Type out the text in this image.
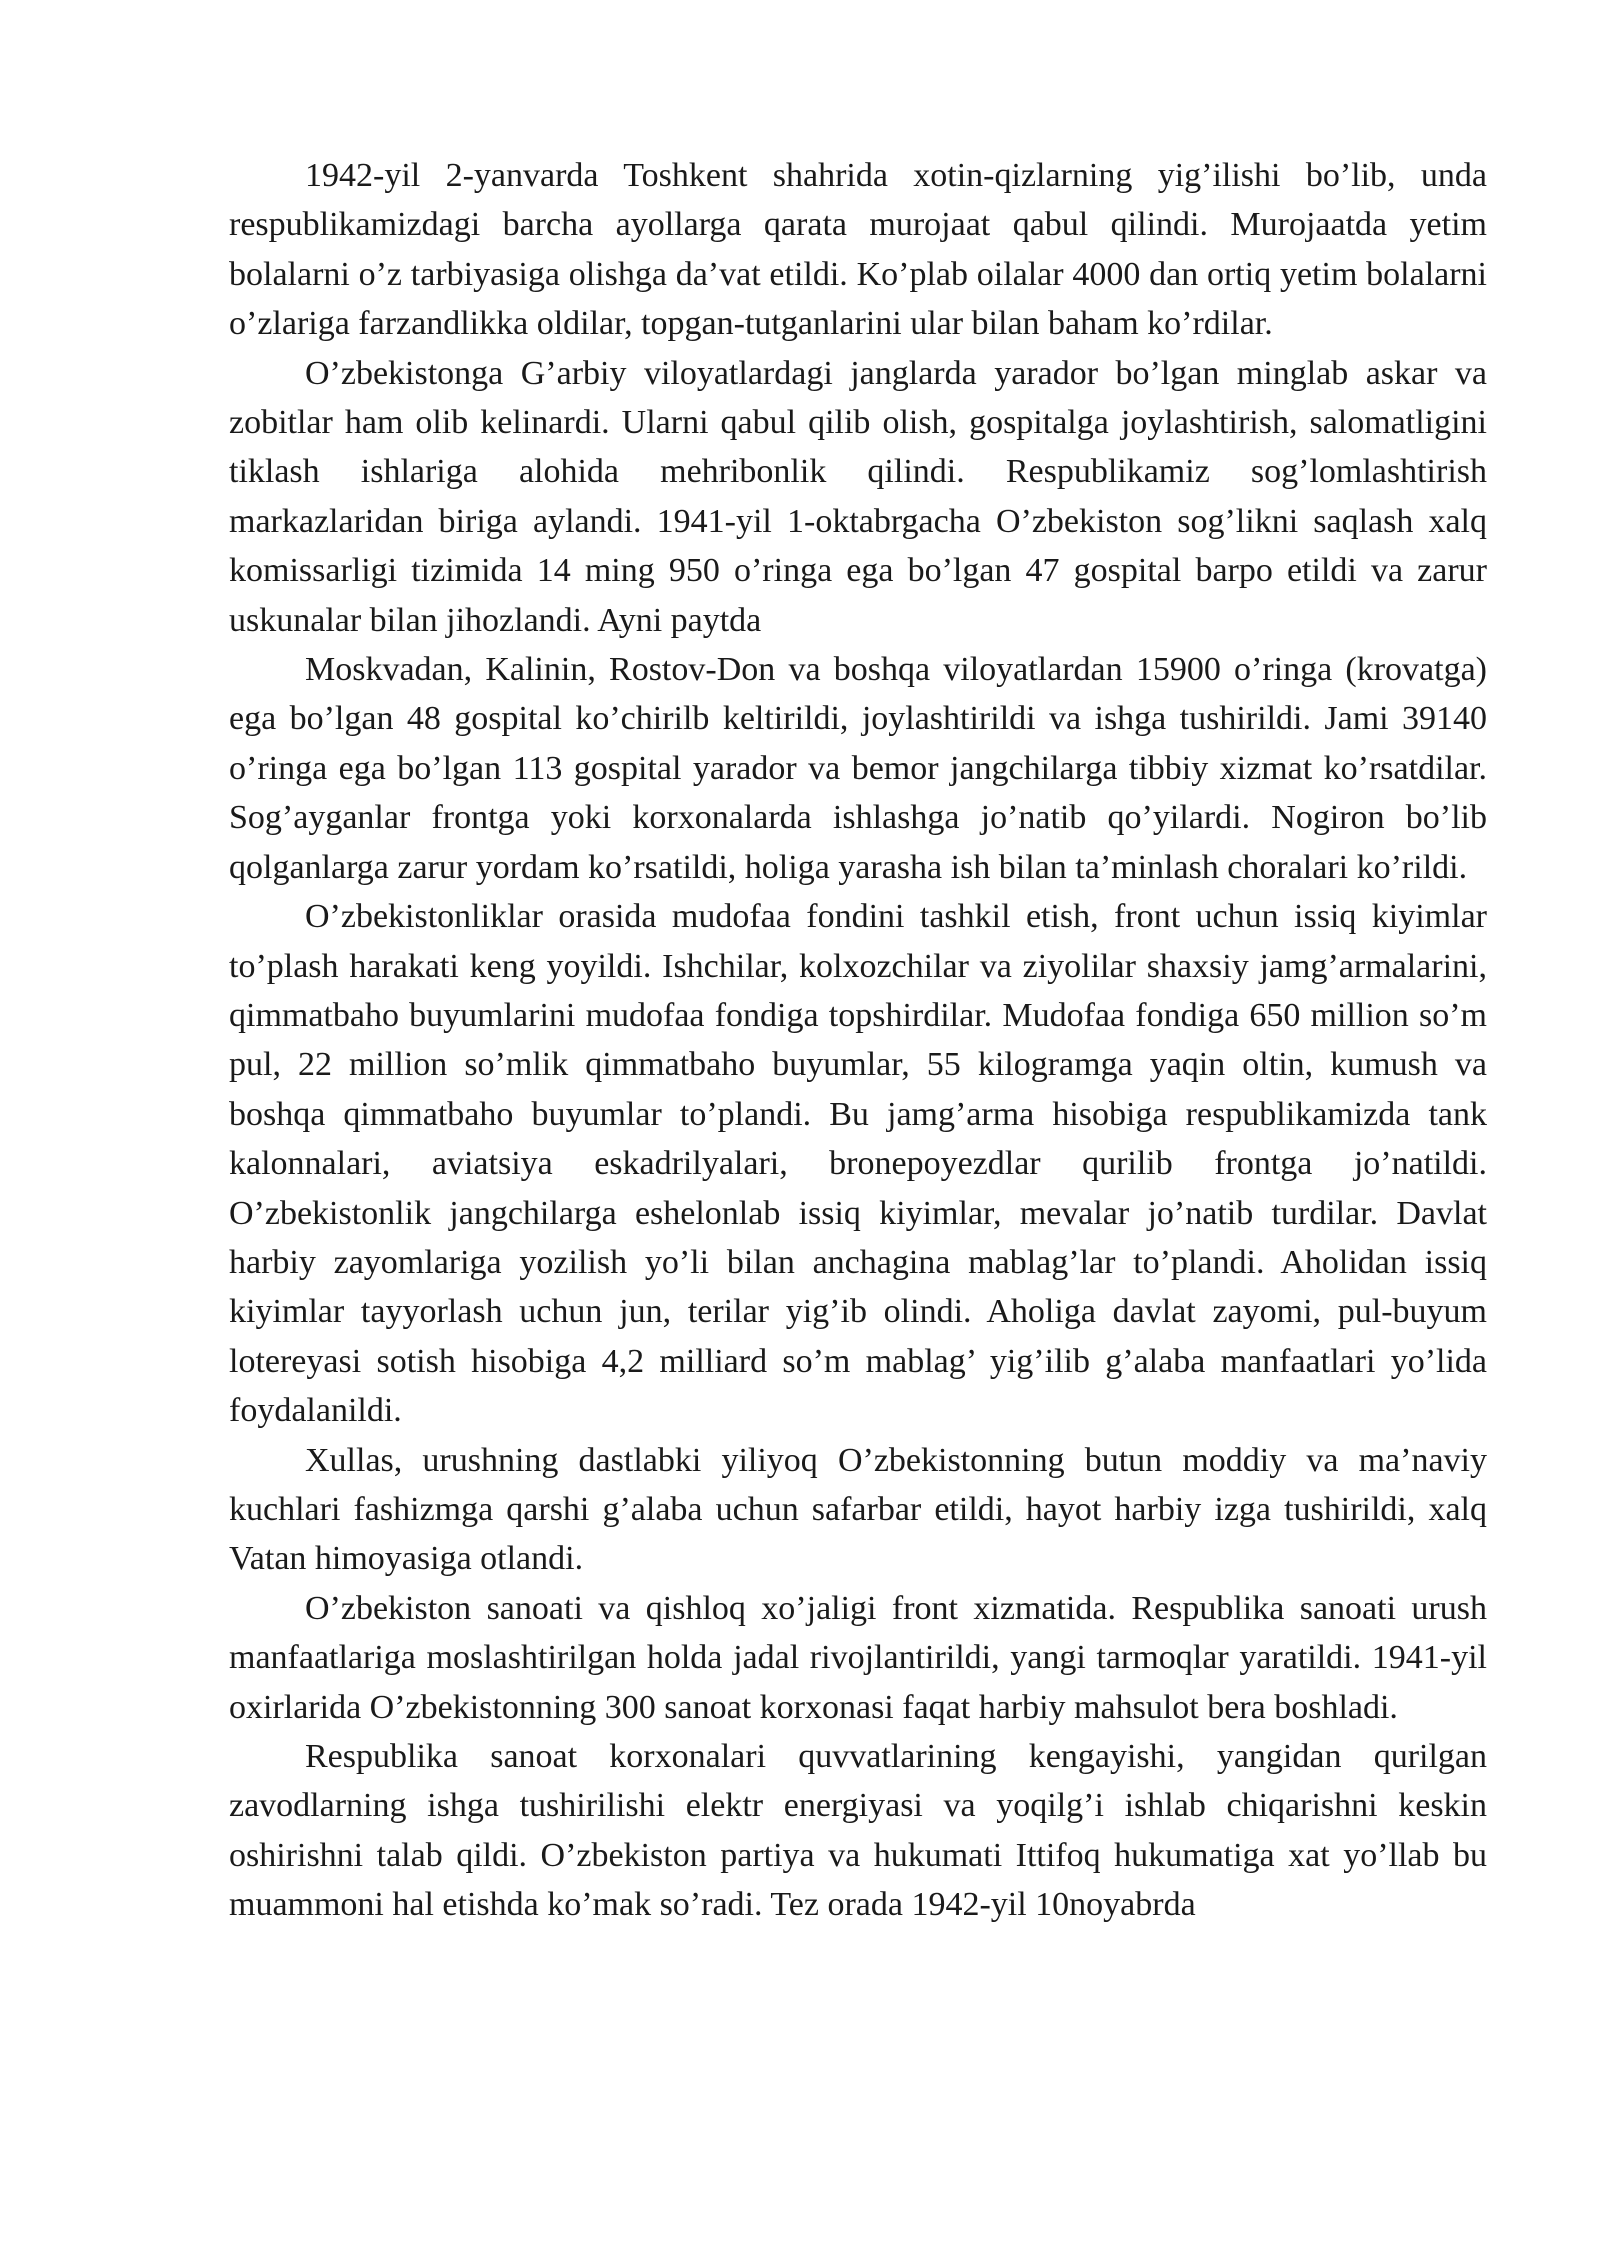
1942-yil 2-yanvarda Toshkent shahrida xotin-qizlarning yig’ilishi bo’lib, unda respublikamizdagi barcha ayollarga qarata murojaat qabul qilindi. Murojaatda yetim bolalarni o’z tarbiyasiga olishga da’vat etildi. Ko’plab oilalar 4000 dan ortiq yetim bolalarni o’zlariga farzandlikka oldilar, topgan-tutganlarini ular bilan baham ko’rdilar.

O’zbekistonga G’arbiy viloyatlardagi janglarda yarador bo’lgan minglab askar va zobitlar ham olib kelinardi. Ularni qabul qilib olish, gospitalga joylashtirish, salomatligini tiklash ishlariga alohida mehribonlik qilindi. Respublikamiz sog’lomlashtirish markazlaridan biriga aylandi. 1941-yil 1-oktabrgacha O’zbekiston sog’likni saqlash xalq komissarligi tizimida 14 ming 950 o’ringa ega bo’lgan 47 gospital barpo etildi va zarur uskunalar bilan jihozlandi. Ayni paytda

Moskvadan, Kalinin, Rostov-Don va boshqa viloyatlardan 15900 o’ringa (krovatga) ega bo’lgan 48 gospital ko’chirilb keltirildi, joylashtirildi va ishga tushirildi. Jami 39140 o’ringa ega bo’lgan 113 gospital yarador va bemor jangchilarga tibbiy xizmat ko’rsatdilar. Sog’ayganlar frontga yoki korxonalarda ishlashga jo’natib qo’yilardi. Nogiron bo’lib qolganlarga zarur yordam ko’rsatildi, holiga yarasha ish bilan ta’minlash choralari ko’rildi.

O’zbekistonliklar orasida mudofaa fondini tashkil etish, front uchun issiq kiyimlar to’plash harakati keng yoyildi. Ishchilar, kolxozchilar va ziyolilar shaxsiy jamg’armalarini, qimmatbaho buyumlarini mudofaa fondiga topshirdilar. Mudofaa fondiga 650 million so’m pul, 22 million so’mlik qimmatbaho buyumlar, 55 kilogramga yaqin oltin, kumush va boshqa qimmatbaho buyumlar to’plandi. Bu jamg’arma hisobiga respublikamizda tank kalonnalari, aviatsiya eskadrilyalari, bronepoyezdlar qurilib frontga jo’natildi. O’zbekistonlik jangchilarga eshelonlab issiq kiyimlar, mevalar jo’natib turdilar. Davlat harbiy zayomlariga yozilish yo’li bilan anchagina mablag’lar to’plandi. Aholidan issiq kiyimlar tayyorlash uchun jun, terilar yig’ib olindi. Aholiga davlat zayomi, pul-buyum lotereyasi sotish hisobiga 4,2 milliard so’m mablag’ yig’ilib g’alaba manfaatlari yo’lida foydalanildi.

Xullas, urushning dastlabki yiliyoq O’zbekistonning butun moddiy va ma’naviy kuchlari fashizmga qarshi g’alaba uchun safarbar etildi, hayot harbiy izga tushirildi, xalq Vatan himoyasiga otlandi.

O’zbekiston sanoati va qishloq xo’jaligi front xizmatida. Respublika sanoati urush manfaatlariga moslashtirilgan holda jadal rivojlantirildi, yangi tarmoqlar yaratildi. 1941-yil oxirlarida O’zbekistonning 300 sanoat korxonasi faqat harbiy mahsulot bera boshladi.

Respublika sanoat korxonalari quvvatlarining kengayishi, yangidan qurilgan zavodlarning ishga tushirilishi elektr energiyasi va yoqilg’i ishlab chiqarishni keskin oshirishni talab qildi. O’zbekiston partiya va hukumati Ittifoq hukumatiga xat yo’llab bu muammoni hal etishda ko’mak so’radi. Tez orada 1942-yil 10noyabrda
